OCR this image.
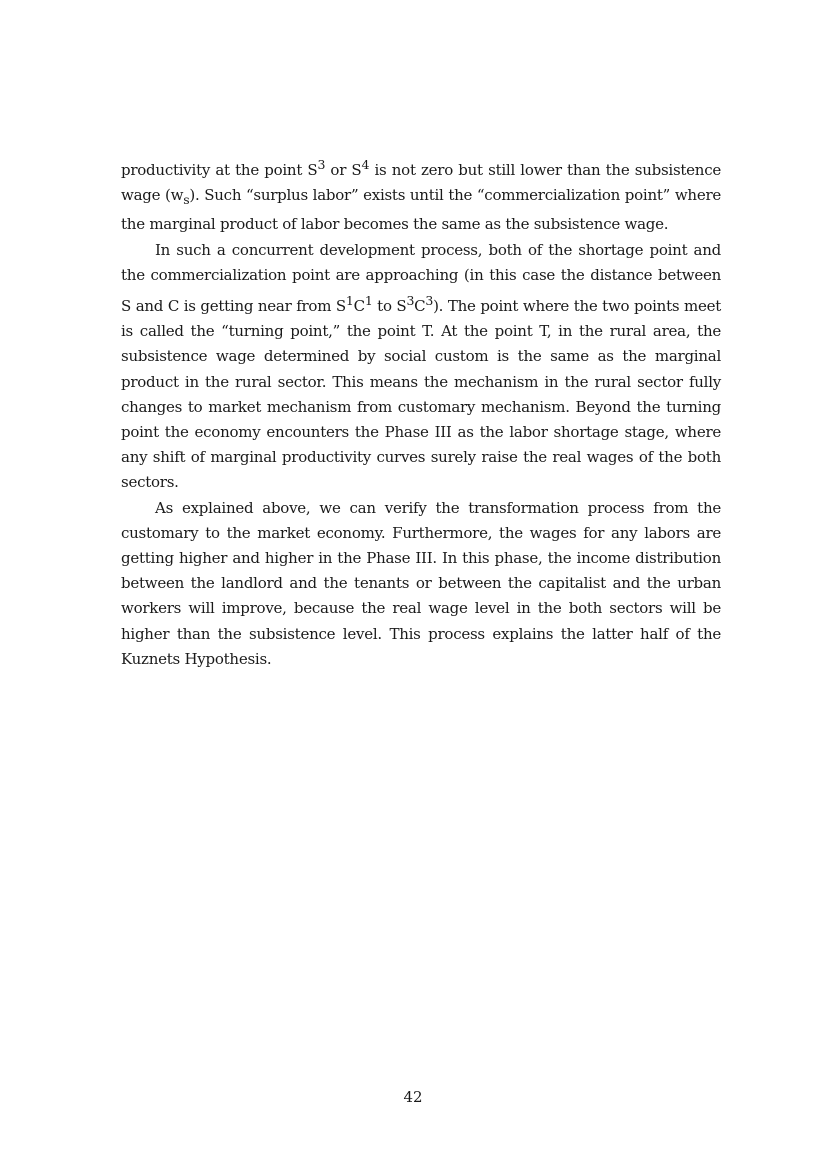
productivity at the point $S^3$ or $S^4$ is not zero but still lower than the subsistence wage $(w_s)$. Such “surplus labor” exists until the “commercialization point” where the marginal product of labor becomes the same as the subsistence wage.

In such a concurrent development process, both of the shortage point and the commercialization point are approaching (in this case the distance between S and C is getting near from $S^1C^1$ to $S^3C^3$). The point where the two points meet is called the “turning point,” the point T. At the point T, in the rural area, the subsistence wage determined by social custom is the same as the marginal product in the rural sector. This means the mechanism in the rural sector fully changes to market mechanism from customary mechanism. Beyond the turning point the economy encounters the Phase III as the labor shortage stage, where any shift of marginal productivity curves surely raise the real wages of the both sectors.

As explained above, we can verify the transformation process from the customary to the market economy. Furthermore, the wages for any labors are getting higher and higher in the Phase III. In this phase, the income distribution between the landlord and the tenants or between the capitalist and the urban workers will improve, because the real wage level in the both sectors will be higher than the subsistence level. This process explains the latter half of the Kuznets Hypothesis.

42
